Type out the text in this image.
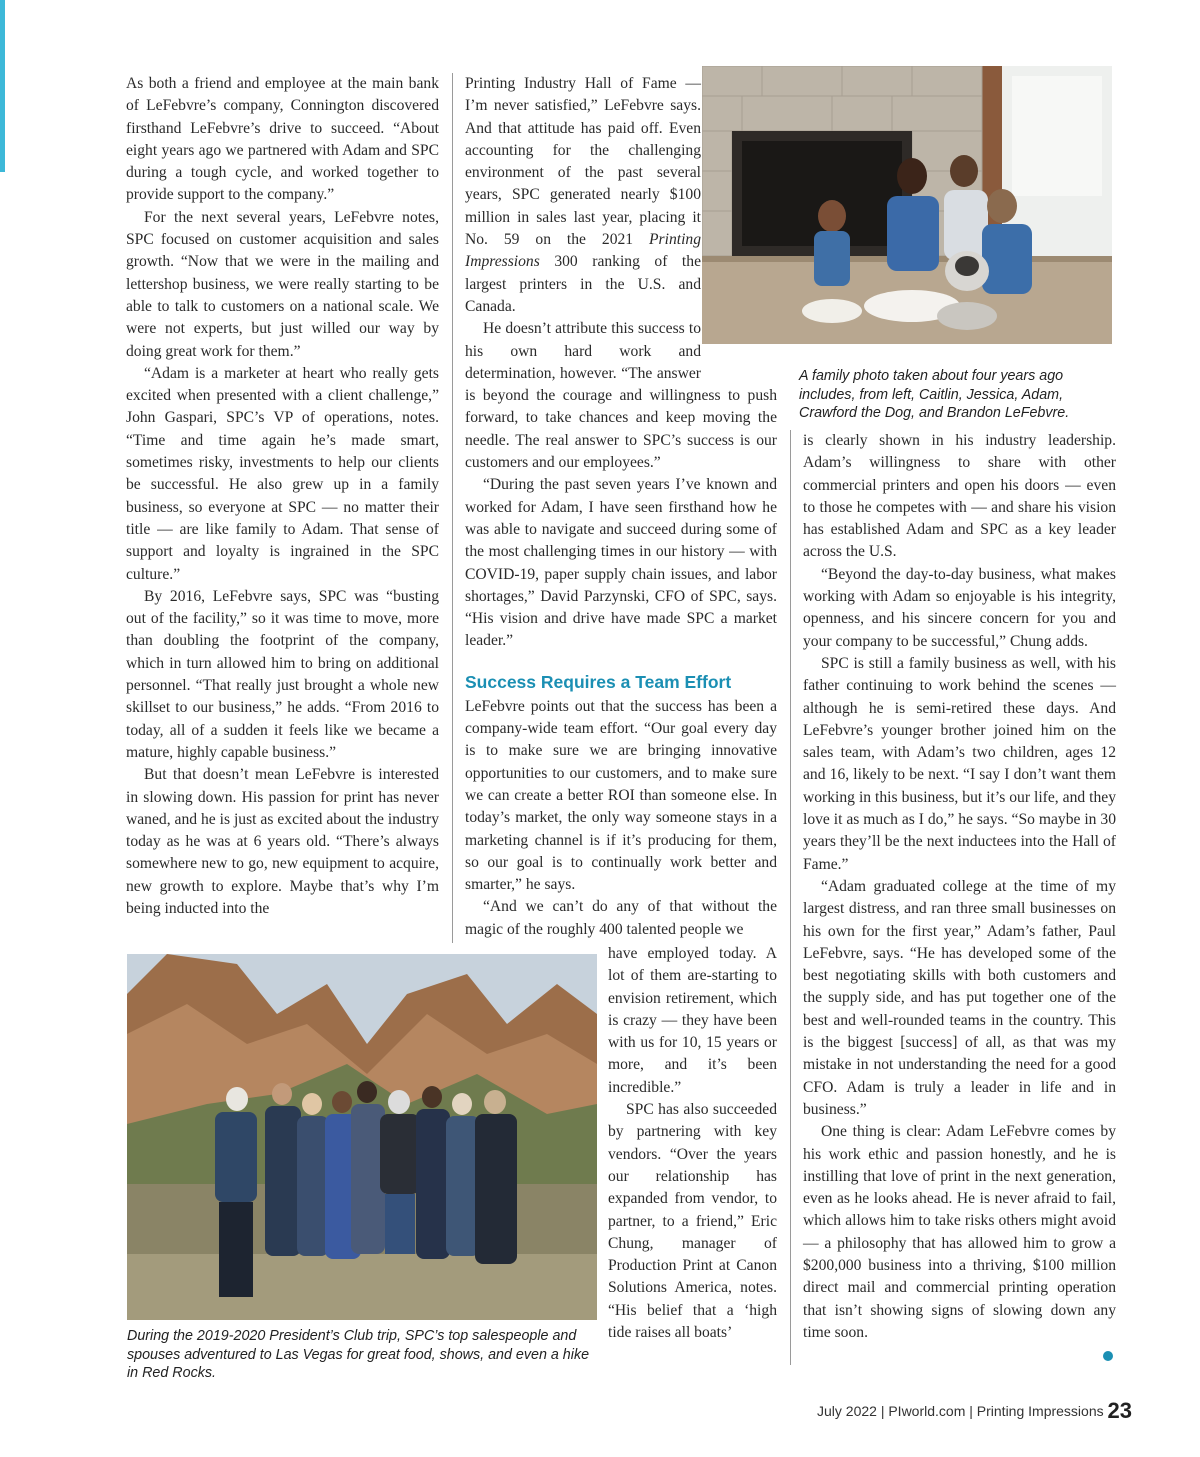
As both a friend and employee at the main bank of LeFebvre’s company, Connington discovered firsthand LeFebvre’s drive to succeed. “About eight years ago we partnered with Adam and SPC during a tough cycle, and worked together to provide support to the company.”

For the next several years, LeFebvre notes, SPC focused on customer acquisition and sales growth. “Now that we were in the mailing and lettershop business, we were really starting to be able to talk to customers on a national scale. We were not experts, but just willed our way by doing great work for them.”

“Adam is a marketer at heart who really gets excited when presented with a client challenge,” John Gaspari, SPC’s VP of operations, notes. “Time and time again he’s made smart, sometimes risky, investments to help our clients be successful. He also grew up in a family business, so everyone at SPC — no matter their title — are like family to Adam. That sense of support and loyalty is ingrained in the SPC culture.”

By 2016, LeFebvre says, SPC was “busting out of the facility,” so it was time to move, more than doubling the footprint of the company, which in turn allowed him to bring on additional personnel. “That really just brought a whole new skillset to our business,” he adds. “From 2016 to today, all of a sudden it feels like we became a mature, highly capable business.”

But that doesn’t mean LeFebvre is interested in slowing down. His passion for print has never waned, and he is just as excited about the industry today as he was at 6 years old. “There’s always somewhere new to go, new equipment to acquire, new growth to explore. Maybe that’s why I’m being inducted into the

Printing Industry Hall of Fame — I’m never satisfied,” LeFebvre says. And that attitude has paid off. Even accounting for the challenging environment of the past several years, SPC generated nearly $100 million in sales last year, placing it No. 59 on the 2021 Printing Impressions 300 ranking of the largest printers in the U.S. and Canada.

He doesn’t attribute this success to his own hard work and determination, however. “The answer is beyond the courage and willingness to push forward, to take chances and keep moving the needle. The real answer to SPC’s success is our customers and our employees.”

“During the past seven years I’ve known and worked for Adam, I have seen firsthand how he was able to navigate and succeed during some of the most challenging times in our history — with COVID-19, paper supply chain issues, and labor shortages,” David Parzynski, CFO of SPC, says. “His vision and drive have made SPC a market leader.”

Success Requires a Team Effort

LeFebvre points out that the success has been a company-wide team effort. “Our goal every day is to make sure we are bringing innovative opportunities to our customers, and to make sure we can create a better ROI than someone else. In today’s market, the only way someone stays in a marketing channel is if it’s producing for them, so our goal is to continually work better and smarter,” he says.

“And we can’t do any of that without the magic of the roughly 400 talented people we

have employed today. A lot of them are-starting to envision retirement, which is crazy — they have been with us for 10, 15 years or more, and it’s been incredible.”

SPC has also succeeded by partnering with key vendors. “Over the years our relationship has expanded from vendor, to partner, to a friend,” Eric Chung, manager of Production Print at Canon Solutions America, notes. “His belief that a ‘high tide raises all boats’

is clearly shown in his industry leadership. Adam’s willingness to share with other commercial printers and open his doors — even to those he competes with — and share his vision has established Adam and SPC as a key leader across the U.S.

“Beyond the day-to-day business, what makes working with Adam so enjoyable is his integrity, openness, and his sincere concern for you and your company to be successful,” Chung adds.

SPC is still a family business as well, with his father continuing to work behind the scenes — although he is semi-retired these days. And LeFebvre’s younger brother joined him on the sales team, with Adam’s two children, ages 12 and 16, likely to be next. “I say I don’t want them working in this business, but it’s our life, and they love it as much as I do,” he says. “So maybe in 30 years they’ll be the next inductees into the Hall of Fame.”

“Adam graduated college at the time of my largest distress, and ran three small businesses on his own for the first year,” Adam’s father, Paul LeFebvre, says. “He has developed some of the best negotiating skills with both customers and the supply side, and has put together one of the best and well-rounded teams in the country. This is the biggest [success] of all, as that was my mistake in not understanding the need for a good CFO. Adam is truly a leader in life and in business.”

One thing is clear: Adam LeFebvre comes by his work ethic and passion honestly, and he is instilling that love of print in the next generation, even as he looks ahead. He is never afraid to fail, which allows him to take risks others might avoid — a philosophy that has allowed him to grow a $200,000 business into a thriving, $100 million direct mail and commercial printing operation that isn’t showing signs of slowing down any time soon.

A family photo taken about four years ago includes, from left, Caitlin, Jessica, Adam, Crawford the Dog, and Brandon LeFebvre.
During the 2019-2020 President’s Club trip, SPC’s top salespeople and spouses adventured to Las Vegas for great food, shows, and even a hike in Red Rocks.
July 2022 | PIworld.com | Printing Impressions 23
